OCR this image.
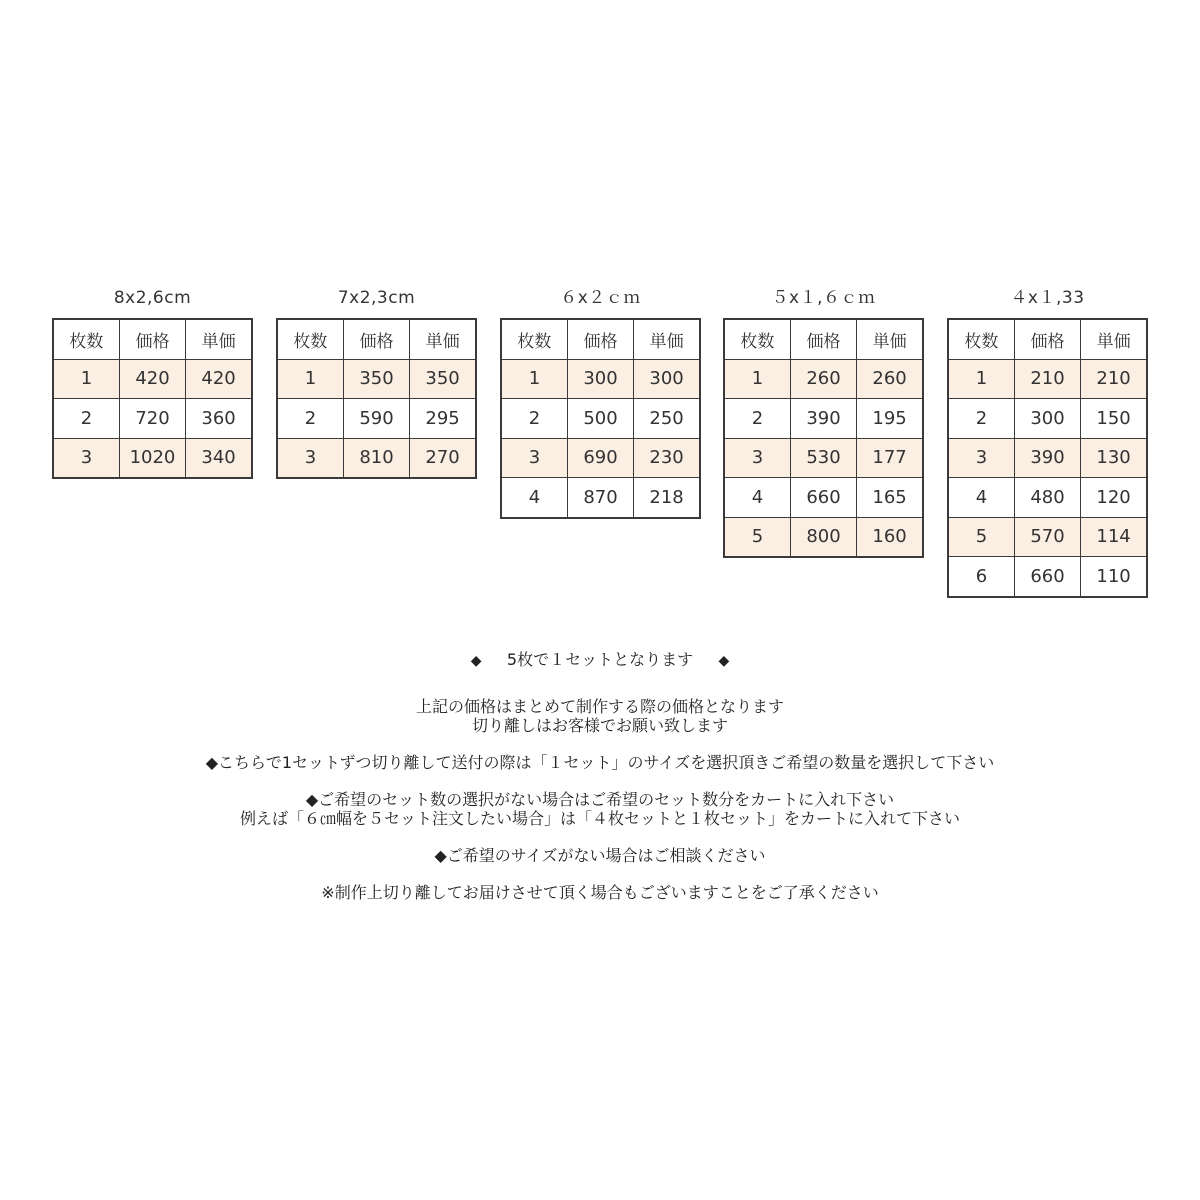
8x2,6cm
枚数	価格	単価
1	420	420
2	720	360
3	1020	340
7x2,3cm
枚数	価格	単価
1	350	350
2	590	295
3	810	270
６x２ｃｍ
枚数	価格	単価
1	300	300
2	500	250
3	690	230
4	870	218
５x１,６ｃｍ
枚数	価格	単価
1	260	260
2	390	195
3	530	177
4	660	165
5	800	160
４x１,33
枚数	価格	単価
1	210	210
2	300	150
3	390	130
4	480	120
5	570	114
6	660	110

◆ 5枚で１セットとなります ◆

上記の価格はまとめて制作する際の価格となります

切り離しはお客様でお願い致します

◆こちらで1セットずつ切り離して送付の際は「１セット」のサイズを選択頂きご希望の数量を選択して下さい

◆ご希望のセット数の選択がない場合はご希望のセット数分をカートに入れ下さい

例えば「６㎝幅を５セット注文したい場合」は「４枚セットと１枚セット」をカートに入れて下さい

◆ご希望のサイズがない場合はご相談ください

※制作上切り離してお届けさせて頂く場合もございますことをご了承ください
